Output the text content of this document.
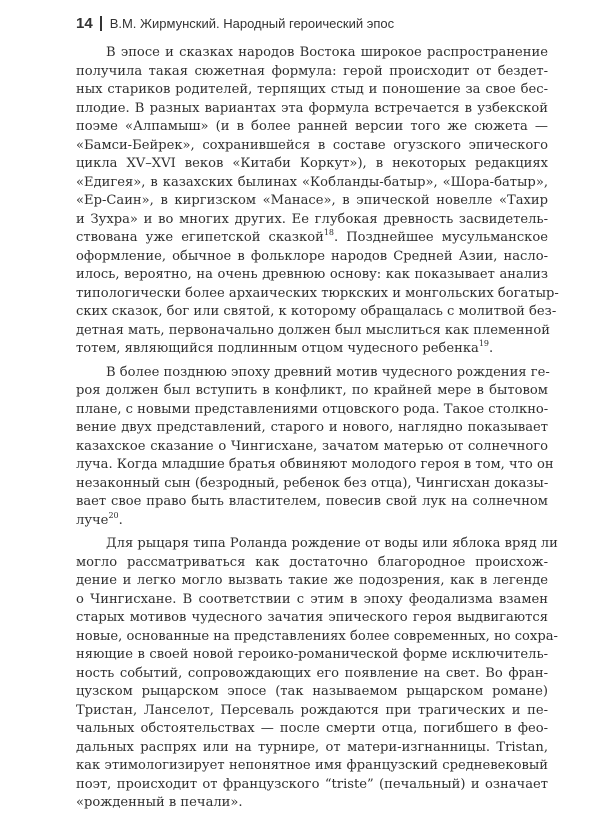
14 В.М. Жирмунский. Народный героический эпос
В эпосе и сказках народов Востока широкое распространение
получила такая сюжетная формула: герой происходит от бездет-
ных стариков родителей, терпящих стыд и поношение за свое бес-
плодие. В разных вариантах эта формула встречается в узбекской
поэме «Алпамыш» (и в более ранней версии того же сюжета —
«Бамси-Бейрек», сохранившейся в составе огузского эпического
цикла XV–XVI веков «Китаби Коркут»), в некоторых редакциях
«Едигея», в казахских былинах «Кобланды-батыр», «Шора-батыр»,
«Ер-Саин», в киргизском «Манасе», в эпической новелле «Тахир
и Зухра» и во многих других. Ее глубокая древность засвидетель-
ствована уже египетской сказкой$^{18}$. Позднейшее мусульманское
оформление, обычное в фольклоре народов Средней Азии, насло-
илось, вероятно, на очень древнюю основу: как показывает анализ
типологически более архаических тюркских и монгольских богатыр-
ских сказок, бог или святой, к которому обращалась с молитвой без-
детная мать, первоначально должен был мыслиться как племенной
тотем, являющийся подлинным отцом чудесного ребенка$^{19}$.
В более позднюю эпоху древний мотив чудесного рождения ге-
роя должен был вступить в конфликт, по крайней мере в бытовом
плане, с новыми представлениями отцовского рода. Такое столкно-
вение двух представлений, старого и нового, наглядно показывает
казахское сказание о Чингисхане, зачатом матерью от солнечного
луча. Когда младшие братья обвиняют молодого героя в том, что он
незаконный сын (безродный, ребенок без отца), Чингисхан доказы-
вает свое право быть властителем, повесив свой лук на солнечном
луче$^{20}$.
Для рыцаря типа Роланда рождение от воды или яблока вряд ли
могло рассматриваться как достаточно благородное происхож-
дение и легко могло вызвать такие же подозрения, как в легенде
о Чингисхане. В соответствии с этим в эпоху феодализма взамен
старых мотивов чудесного зачатия эпического героя выдвигаются
новые, основанные на представлениях более современных, но сохра-
няющие в своей новой героико-романической форме исключитель-
ность событий, сопровождающих его появление на свет. Во фран-
цузском рыцарском эпосе (так называемом рыцарском романе)
Тристан, Ланселот, Персеваль рождаются при трагических и пе-
чальных обстоятельствах — после смерти отца, погибшего в фео-
дальных распрях или на турнире, от матери-изгнанницы. Tristan,
как этимологизирует непонятное имя французский средневековый
поэт, происходит от французского “triste” (печальный) и означает
«рожденный в печали».
